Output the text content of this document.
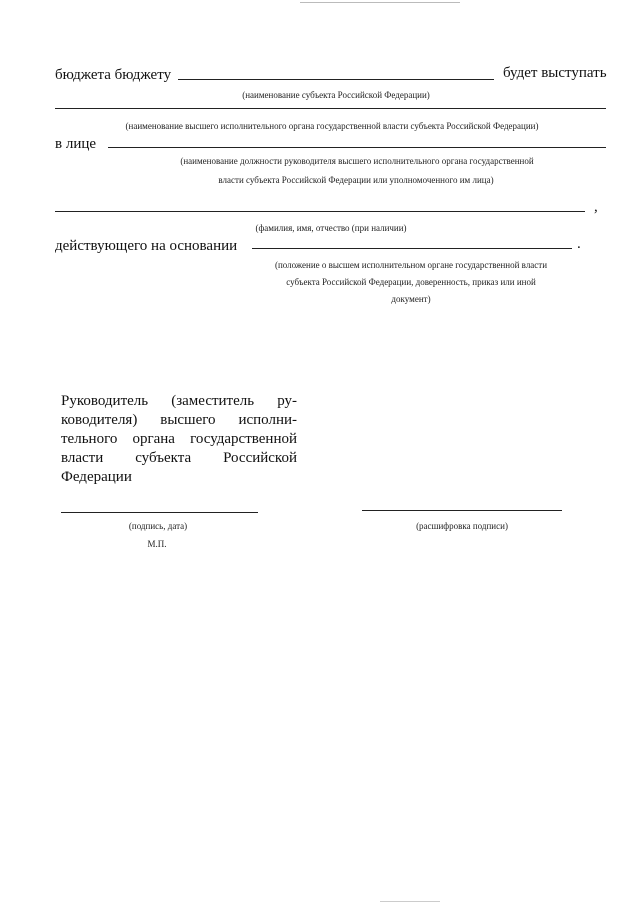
бюджета бюджету	будет выступать
(наименование субъекта Российской Федерации)
(наименование высшего исполнительного органа государственной власти субъекта Российской Федерации)
в лице
(наименование должности руководителя высшего исполнительного органа государственной
власти субъекта Российской Федерации или уполномоченного им лица)
,
(фамилия, имя, отчество (при наличии)
действующего на основании	.
(положение о высшем исполнительном органе государственной власти
субъекта Российской Федерации, доверенность, приказ или иной
документ)
Руководитель (заместитель ру-
ководителя) высшего исполни-
тельного органа государственной
власти субъекта Российской
Федерации
(подпись, дата)	(расшифровка подписи)
М.П.
